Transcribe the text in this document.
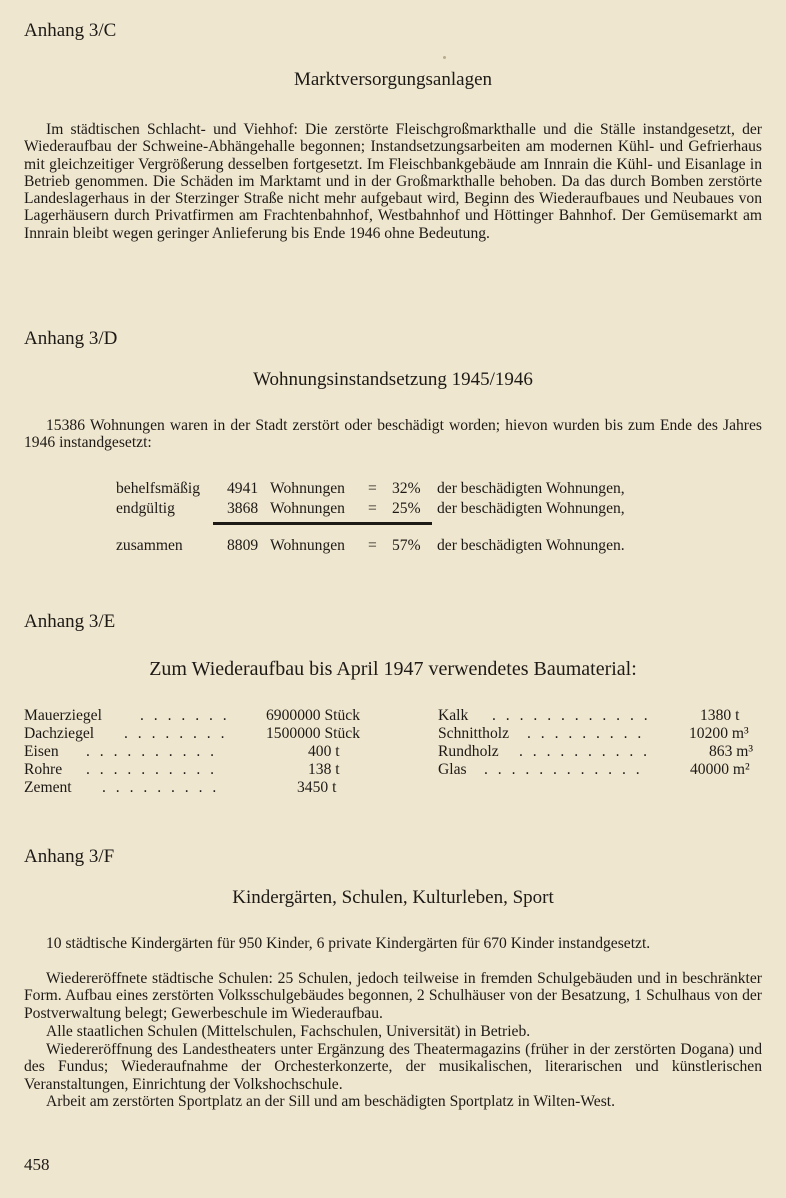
Anhang 3/C
Marktversorgungsanlagen

Im städtischen Schlacht- und Viehhof: Die zerstörte Fleischgroßmarkthalle und die Ställe instandgesetzt, der Wiederaufbau der Schweine-Abhängehalle begonnen; Instandsetzungsarbeiten am modernen Kühl- und Gefrierhaus mit gleichzeitiger Vergrößerung desselben fortgesetzt. Im Fleischbankgebäude am Innrain die Kühl- und Eisanlage in Betrieb genommen. Die Schäden im Marktamt und in der Großmarkthalle behoben. Da das durch Bomben zerstörte Landeslagerhaus in der Sterzinger Straße nicht mehr aufgebaut wird, Beginn des Wiederaufbaues und Neubaues von Lagerhäusern durch Privatfirmen am Frachtenbahnhof, Westbahnhof und Höttinger Bahnhof. Der Gemüsemarkt am Innrain bleibt wegen geringer Anlieferung bis Ende 1946 ohne Bedeutung.

Anhang 3/D
Wohnungsinstandsetzung 1945/1946

15386 Wohnungen waren in der Stadt zerstört oder beschädigt worden; hievon wurden bis zum Ende des Jahres 1946 instandgesetzt:

behelfsmäßig 4941 Wohnungen = 32% der beschädigten Wohnungen,
endgültig	3868 Wohnungen = 25% der beschädigten Wohnungen,
zusammen	8809 Wohnungen = 57% der beschädigten Wohnungen.
Anhang 3/E
Zum Wiederaufbau bis April 1947 verwendetes Baumaterial:
Mauerziegel . . . . . . . 6900000 Stück
Dachziegel . . . . . . . . 1500000 Stück
Eisen . . . . . . . . . .	400 t
Rohre . . . . . . . . . .	138 t
Zement . . . . . . . . .	3450 t
Kalk . . . . . . . . . . . .	1380 t
Schnittholz . . . . . . . . .	10200 m³
Rundholz . . . . . . . . . .	863 m³
Glas . . . . . . . . . . . .	40000 m²
Anhang 3/F
Kindergärten, Schulen, Kulturleben, Sport

10 städtische Kindergärten für 950 Kinder, 6 private Kindergärten für 670 Kinder instandgesetzt.

Wiedereröffnete städtische Schulen: 25 Schulen, jedoch teilweise in fremden Schulgebäuden und in beschränkter Form. Aufbau eines zerstörten Volksschulgebäudes begonnen, 2 Schulhäuser von der Besatzung, 1 Schulhaus von der Postverwaltung belegt; Gewerbeschule im Wiederaufbau.

Alle staatlichen Schulen (Mittelschulen, Fachschulen, Universität) in Betrieb.

Wiedereröffnung des Landestheaters unter Ergänzung des Theatermagazins (früher in der zerstörten Dogana) und des Fundus; Wiederaufnahme der Orchesterkonzerte, der musikalischen, literarischen und künstlerischen Veranstaltungen, Einrichtung der Volkshochschule.

Arbeit am zerstörten Sportplatz an der Sill und am beschädigten Sportplatz in Wilten-West.

458
